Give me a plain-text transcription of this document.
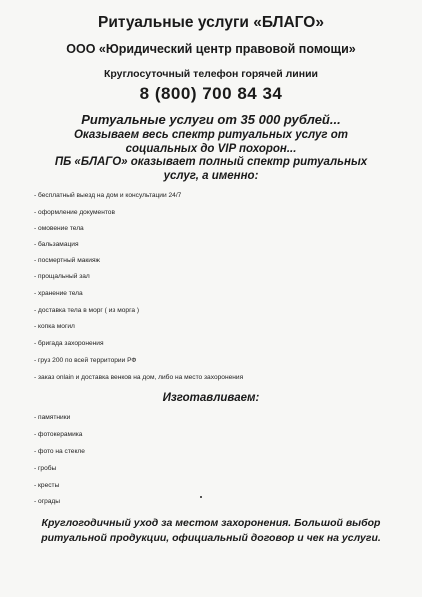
Ритуальные услуги «БЛАГО»
ООО «Юридический центр правовой помощи»
Круглосуточный телефон горячей линии
8 (800) 700 84 34
Ритуальные услуги от 35 000 рублей...
Оказываем весь спектр ритуальных услуг от
социальных до VIP похорон...
ПБ «БЛАГО» оказывает полный спектр ритуальных
услуг, а именно:
- бесплатный выезд на дом и консультации 24/7
- оформление документов
- омовение тела
- бальзамация
- посмертный макияж
- прощальный зал
- хранение тела
- доставка тела в морг ( из морга )
- копка могил
- бригада захоронения
- груз 200 по всей территории РФ
- заказ onlain и доставка венков на дом, либо на место захоронения
Изготавливаем:
- памятники
- фотокерамика
- фото на стекле
- гробы
- кресты
- ограды
Круглогодичный уход за местом захоронения. Большой выбор
ритуальной продукции, официальный договор и чек на услуги.
